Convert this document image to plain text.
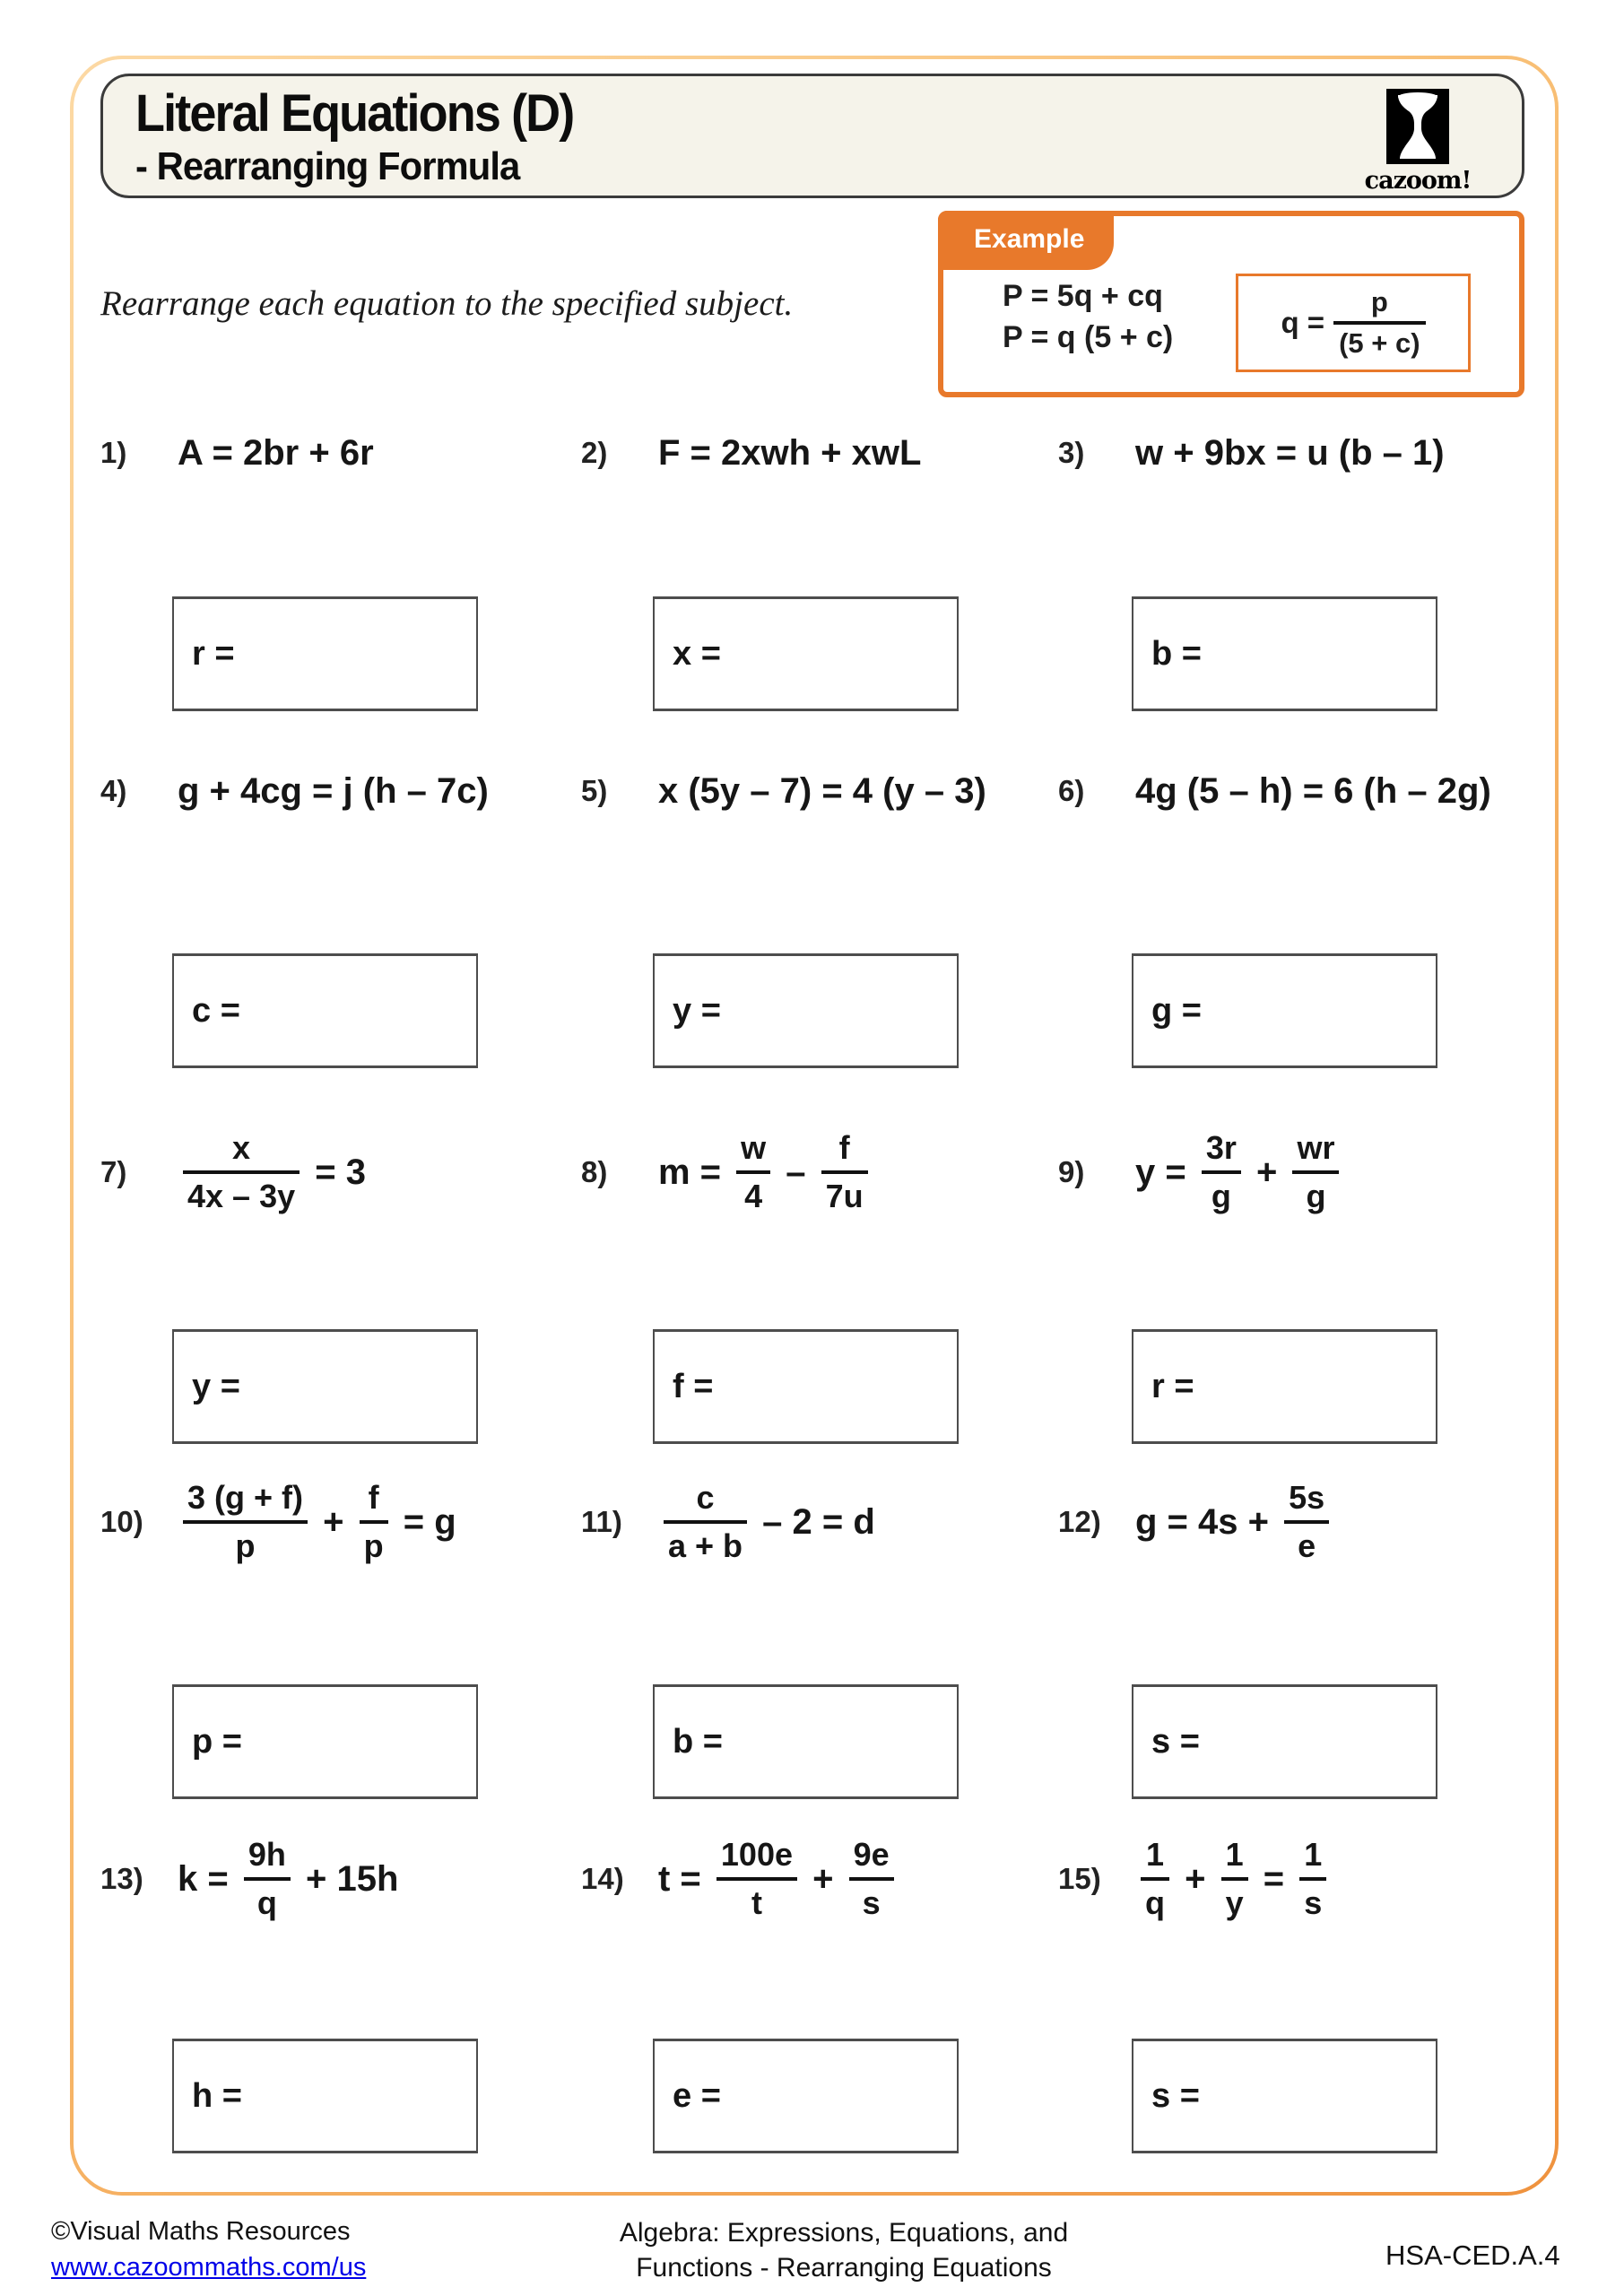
Literal Equations (D)
- Rearranging Formula	cazoom!
Example
P = 5q + cq
P = q (5 + c)	$q = \frac{p}{(5 + c)}$
Rearrange each equation to the specified subject.
1)	A = 2br + 6r
r =
2)	F = 2xwh + xwL
x =
3)	w + 9bx = u (b – 1)
b =
4)	g + 4cg = j (h – 7c)
c =
5)	x (5y – 7) = 4 (y – 3)
y =
6)	4g (5 – h) = 6 (h – 2g)
g =
7)	$\frac{x}{4x - 3y} = 3$
y =
8)	$m = \frac{w}{4} - \frac{f}{7u}$
f =
9)	$y = \frac{3r}{g} + \frac{wr}{g}$
r =
10)	$\frac{3 (g + f)}{p} + \frac{f}{p} = g$
p =
11)	$\frac{c}{a + b} - 2 = d$
b =
12) $g = 4s + \frac{5s}{e}$
s =
13) $k = \frac{9h}{q} + 15h$
h =
14) $t = \frac{100e}{t} + \frac{9e}{s}$
e =
15)	$\frac{1}{q} + \frac{1}{y} = \frac{1}{s}$
s =
©Visual Maths Resources
www.cazoommaths.com/us
Algebra: Expressions, Equations, and
Functions - Rearranging Equations	HSA-CED.A.4
